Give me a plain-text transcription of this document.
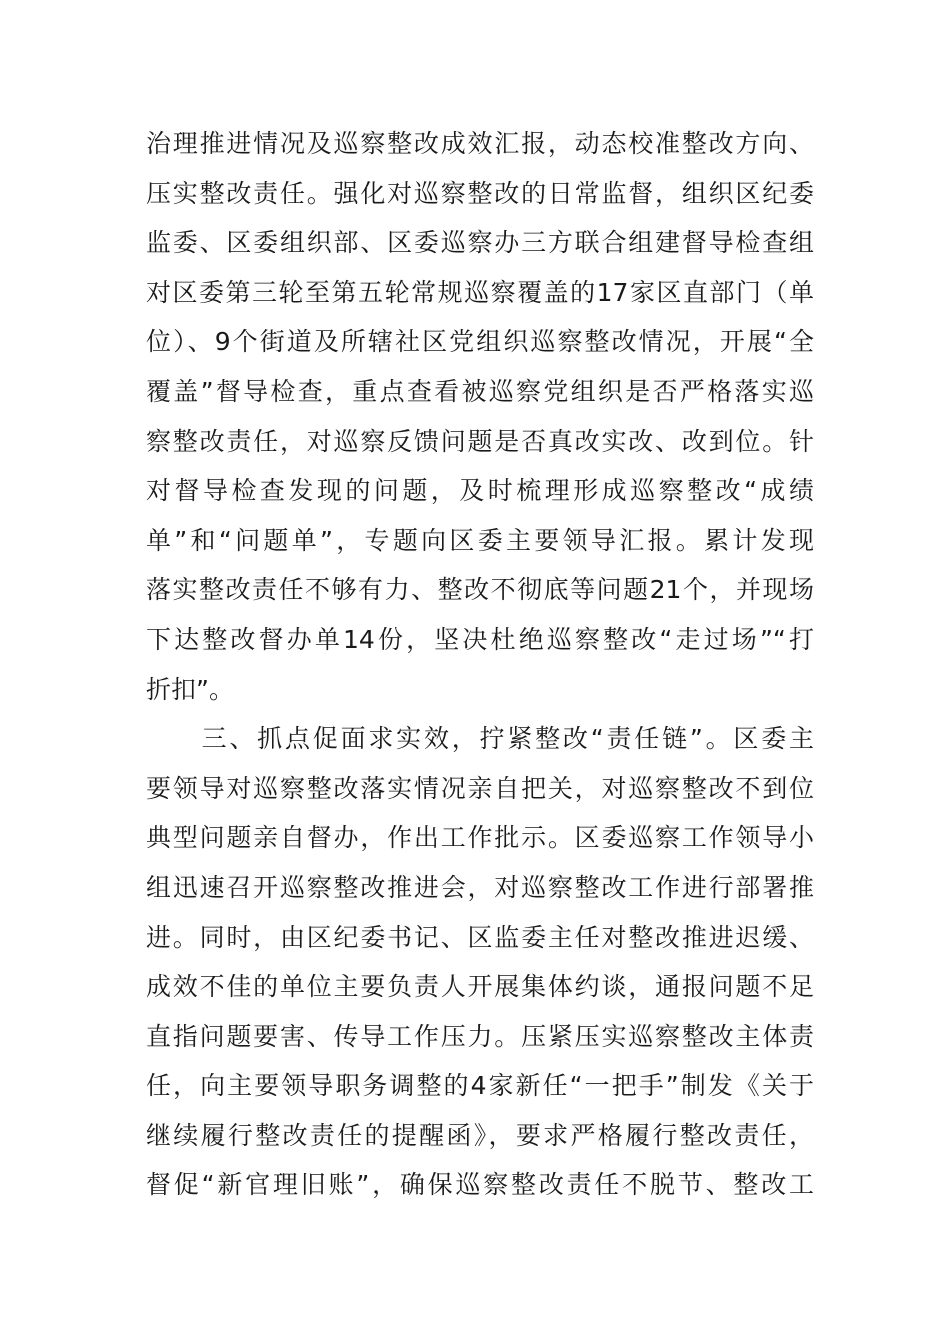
治理推进情况及巡察整改成效汇报，动态校准整改方向、
压实整改责任。强化对巡察整改的日常监督，组织区纪委
监委、区委组织部、区委巡察办三方联合组建督导检查组
对区委第三轮至第五轮常规巡察覆盖的17家区直部门（单
位）、9个街道及所辖社区党组织巡察整改情况，开展“全
覆盖”督导检查，重点查看被巡察党组织是否严格落实巡
察整改责任，对巡察反馈问题是否真改实改、改到位。针
对督导检查发现的问题，及时梳理形成巡察整改“成绩
单”和“问题单”，专题向区委主要领导汇报。累计发现
落实整改责任不够有力、整改不彻底等问题21个，并现场
下达整改督办单14份，坚决杜绝巡察整改“走过场”“打
折扣”。
　　三、抓点促面求实效，拧紧整改“责任链”。区委主
要领导对巡察整改落实情况亲自把关，对巡察整改不到位
典型问题亲自督办，作出工作批示。区委巡察工作领导小
组迅速召开巡察整改推进会，对巡察整改工作进行部署推
进。同时，由区纪委书记、区监委主任对整改推进迟缓、
成效不佳的单位主要负责人开展集体约谈，通报问题不足
直指问题要害、传导工作压力。压紧压实巡察整改主体责
任，向主要领导职务调整的4家新任“一把手”制发《关于
继续履行整改责任的提醒函》，要求严格履行整改责任，
督促“新官理旧账”，确保巡察整改责任不脱节、整改工
